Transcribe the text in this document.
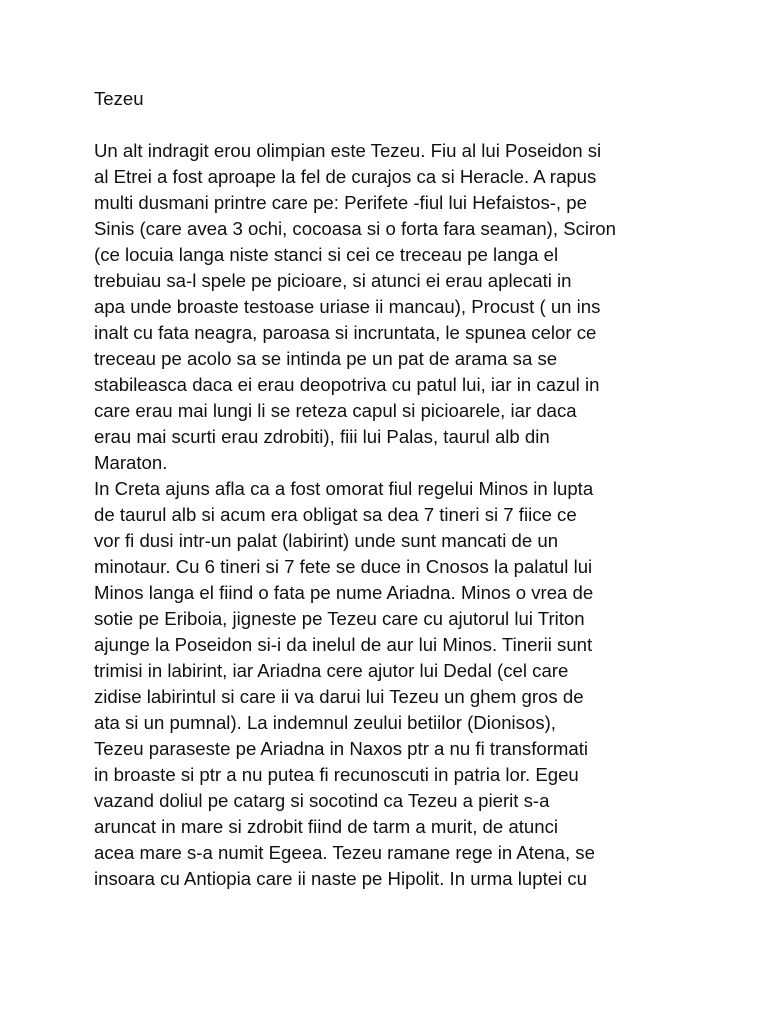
Tezeu
Un alt indragit erou olimpian este Tezeu. Fiu al lui Poseidon si
al Etrei a fost aproape la fel de curajos ca si Heracle. A rapus
multi dusmani printre care pe: Perifete -fiul lui Hefaistos-, pe
Sinis (care avea 3 ochi, cocoasa si o forta fara seaman), Sciron
(ce locuia langa niste stanci si cei ce treceau pe langa el
trebuiau sa-l spele pe picioare, si atunci ei erau aplecati in
apa unde broaste testoase uriase ii mancau), Procust ( un ins
inalt cu fata neagra, paroasa si incruntata, le spunea celor ce
treceau pe acolo sa se intinda pe un pat de arama sa se
stabileasca daca ei erau deopotriva cu patul lui, iar in cazul in
care erau mai lungi li se reteza capul si picioarele, iar daca
erau mai scurti erau zdrobiti), fiii lui Palas, taurul alb din
Maraton.
In Creta ajuns afla ca a fost omorat fiul regelui Minos in lupta
de taurul alb si acum era obligat sa dea 7 tineri si 7 fiice ce
vor fi dusi intr-un palat (labirint) unde sunt mancati de un
minotaur. Cu 6 tineri si 7 fete se duce in Cnosos la palatul lui
Minos langa el fiind o fata pe nume Ariadna. Minos o vrea de
sotie pe Eriboia, jigneste pe Tezeu care cu ajutorul lui Triton
ajunge la Poseidon si-i da inelul de aur lui Minos. Tinerii sunt
trimisi in labirint, iar Ariadna cere ajutor lui Dedal (cel care
zidise labirintul si care ii va darui lui Tezeu un ghem gros de
ata si un pumnal). La indemnul zeului betiilor (Dionisos),
Tezeu paraseste pe Ariadna in Naxos ptr a nu fi transformati
in broaste si ptr a nu putea fi recunoscuti in patria lor. Egeu
vazand doliul pe catarg si socotind ca Tezeu a pierit s-a
aruncat in mare si zdrobit fiind de tarm a murit, de atunci
acea mare s-a numit Egeea. Tezeu ramane rege in Atena, se
insoara cu Antiopia care ii naste pe Hipolit. In urma luptei cu
